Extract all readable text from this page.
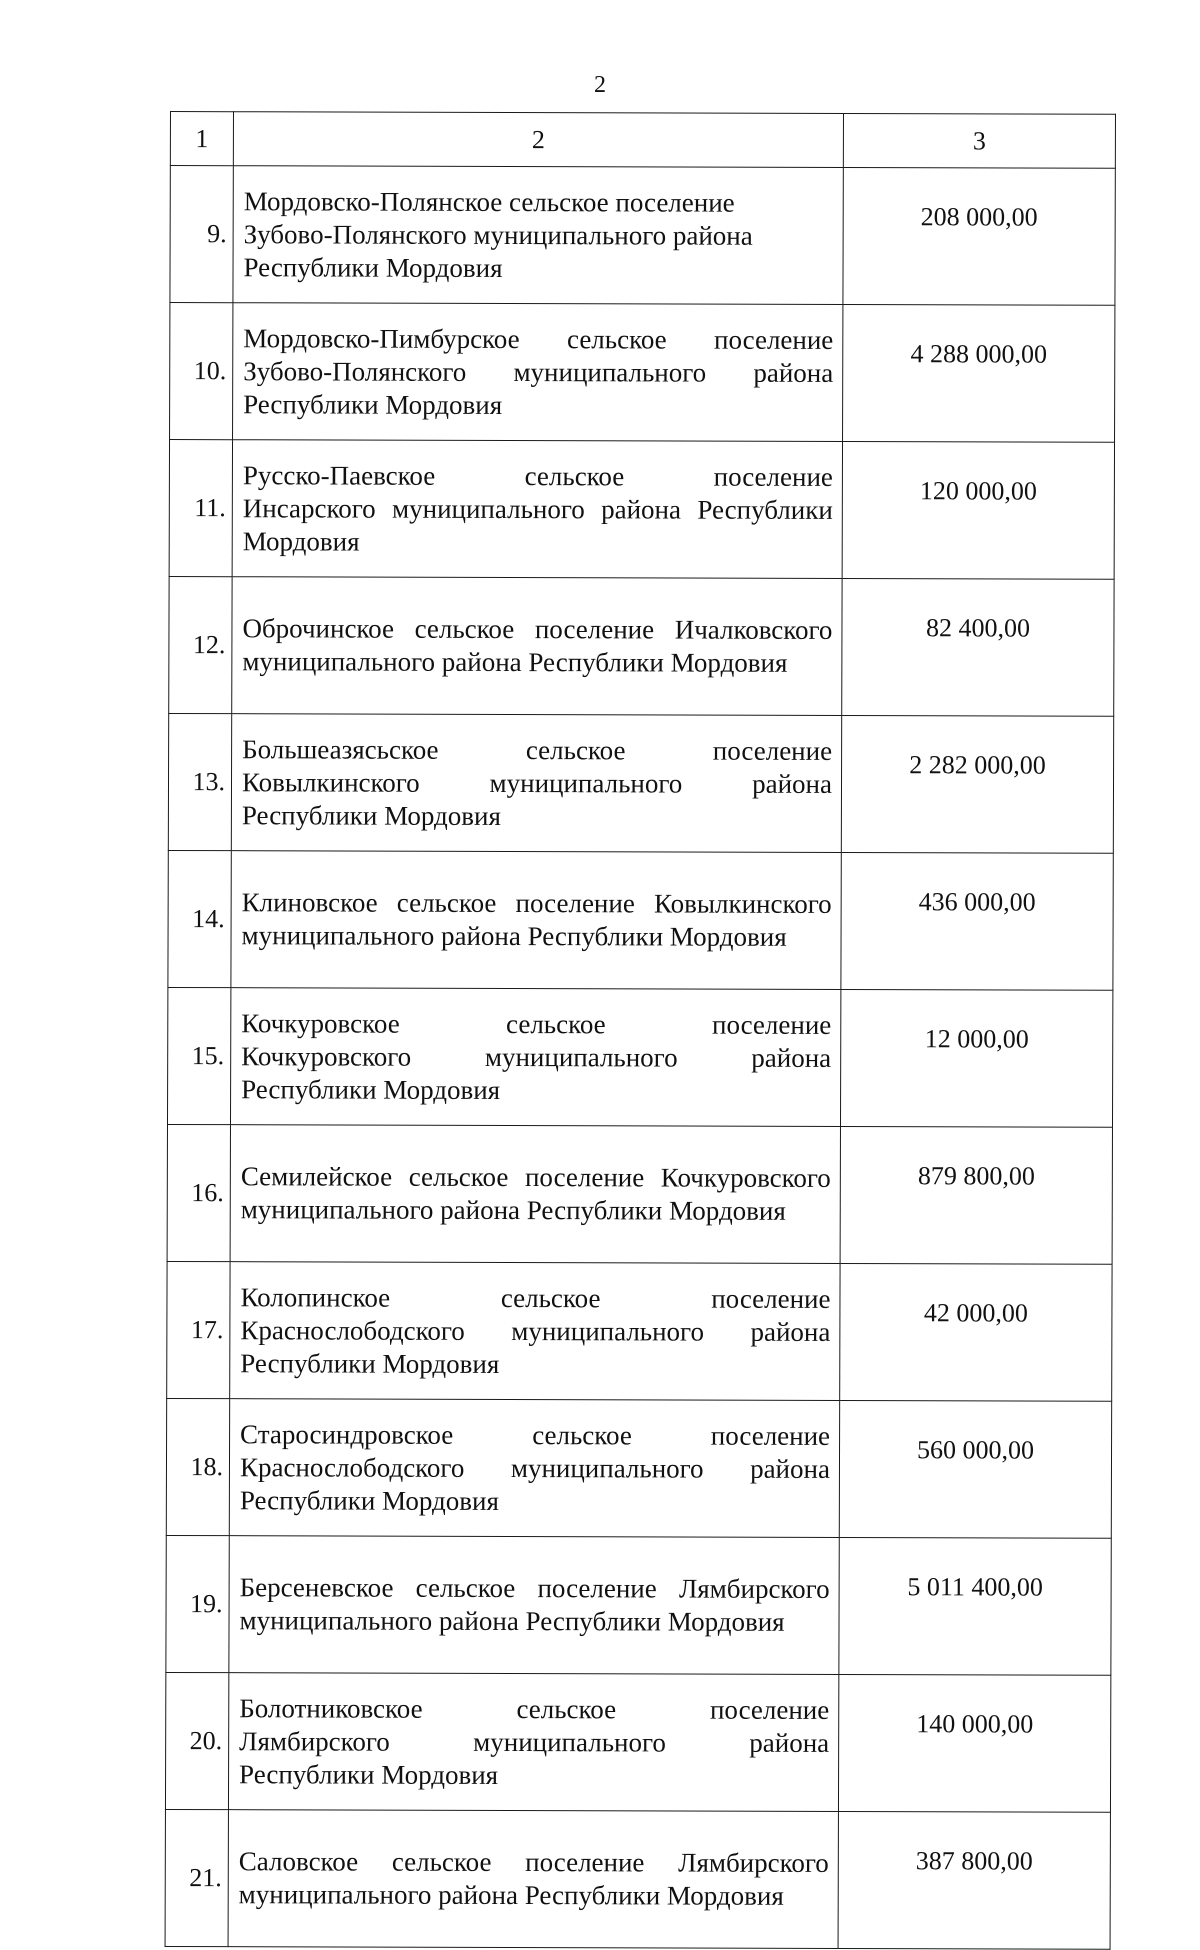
2
1	2	3
9.	Мордовско-Полянское сельское поселение
Зубово-Полянского муниципального района
Республики Мордовия	208 000,00
10.	Мордовско-Пимбурское сельское поселение
Зубово-Полянского муниципального района
Республики Мордовия	4 288 000,00
11.	Русско-Паевское сельское поселение
Инсарского муниципального района Республики
Мордовия	120 000,00
12.	Оброчинское сельское поселение Ичалковского
муниципального района Республики Мордовия	82 400,00
13.	Большеазясьское сельское поселение
Ковылкинского муниципального района
Республики Мордовия	2 282 000,00
14.	Клиновское сельское поселение Ковылкинского
муниципального района Республики Мордовия	436 000,00
15.	Кочкуровское сельское поселение
Кочкуровского муниципального района
Республики Мордовия	12 000,00
16.	Семилейское сельское поселение Кочкуровского
муниципального района Республики Мордовия	879 800,00
17.	Колопинское сельское поселение
Краснослободского муниципального района
Республики Мордовия	42 000,00
18.	Старосиндровское сельское поселение
Краснослободского муниципального района
Республики Мордовия	560 000,00
19.	Берсеневское сельское поселение Лямбирского
муниципального района Республики Мордовия	5 011 400,00
20.	Болотниковское сельское поселение
Лямбирского муниципального района
Республики Мордовия	140 000,00
21.	Саловское сельское поселение Лямбирского
муниципального района Республики Мордовия	387 800,00
